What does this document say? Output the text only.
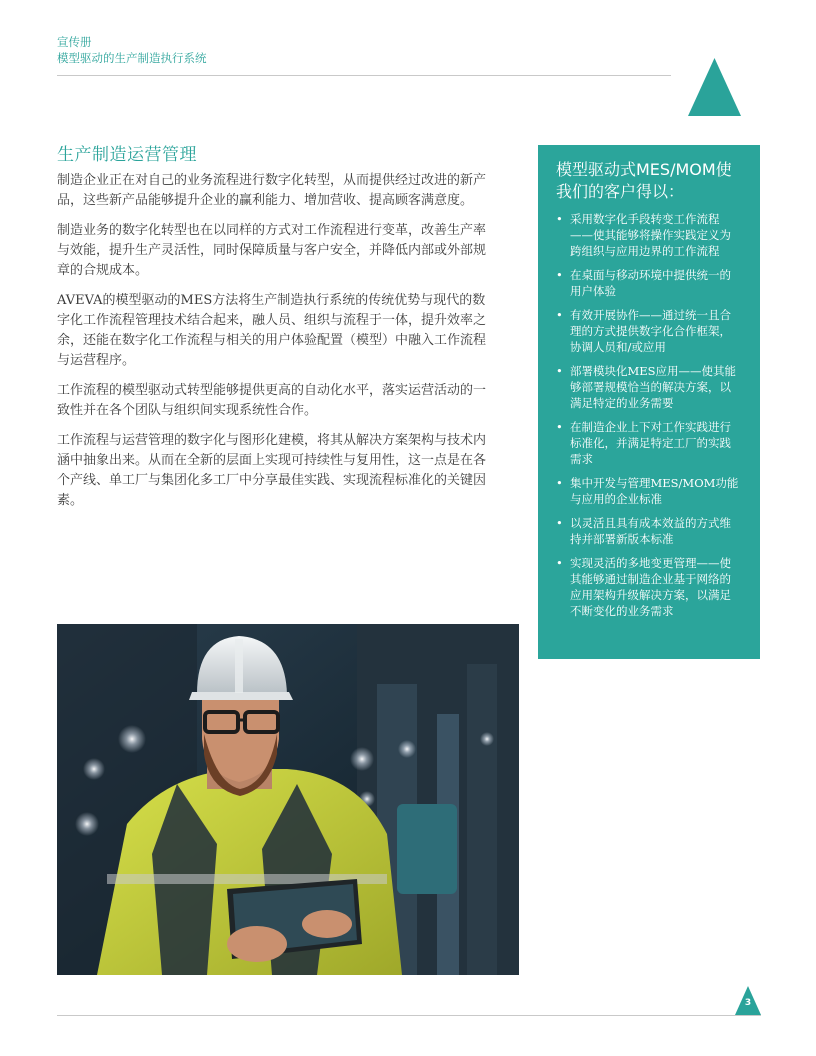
宣传册
模型驱动的生产制造执行系统
生产制造运营管理

制造企业正在对自己的业务流程进行数字化转型，从而提供经过改进的新产品，这些新产品能够提升企业的赢利能力、增加营收、提高顾客满意度。

制造业务的数字化转型也在以同样的方式对工作流程进行变革，改善生产率与效能，提升生产灵活性，同时保障质量与客户安全，并降低内部或外部规章的合规成本。

AVEVA的模型驱动的MES方法将生产制造执行系统的传统优势与现代的数字化工作流程管理技术结合起来，融人员、组织与流程于一体，提升效率之余，还能在数字化工作流程与相关的用户体验配置（模型）中融入工作流程与运营程序。

工作流程的模型驱动式转型能够提供更高的自动化水平，落实运营活动的一致性并在各个团队与组织间实现系统性合作。

工作流程与运营管理的数字化与图形化建模，将其从解决方案架构与技术内涵中抽象出来。从而在全新的层面上实现可持续性与复用性，这一点是在各个产线、单工厂与集团化多工厂中分享最佳实践、实现流程标准化的关键因素。

模型驱动式MES/MOM使我们的客户得以：
• 采用数字化手段转变工作流程——使其能够将操作实践定义为跨组织与应用边界的工作流程
• 在桌面与移动环境中提供统一的用户体验
• 有效开展协作——通过统一且合理的方式提供数字化合作框架，协调人员和/或应用
• 部署模块化MES应用——使其能够部署规模恰当的解决方案，以满足特定的业务需要
• 在制造企业上下对工作实践进行标准化，并满足特定工厂的实践需求
• 集中开发与管理MES/MOM功能与应用的企业标准
• 以灵活且具有成本效益的方式维持并部署新版本标准
• 实现灵活的多地变更管理——使其能够通过制造企业基于网络的应用架构升级解决方案，以满足不断变化的业务需求
3
